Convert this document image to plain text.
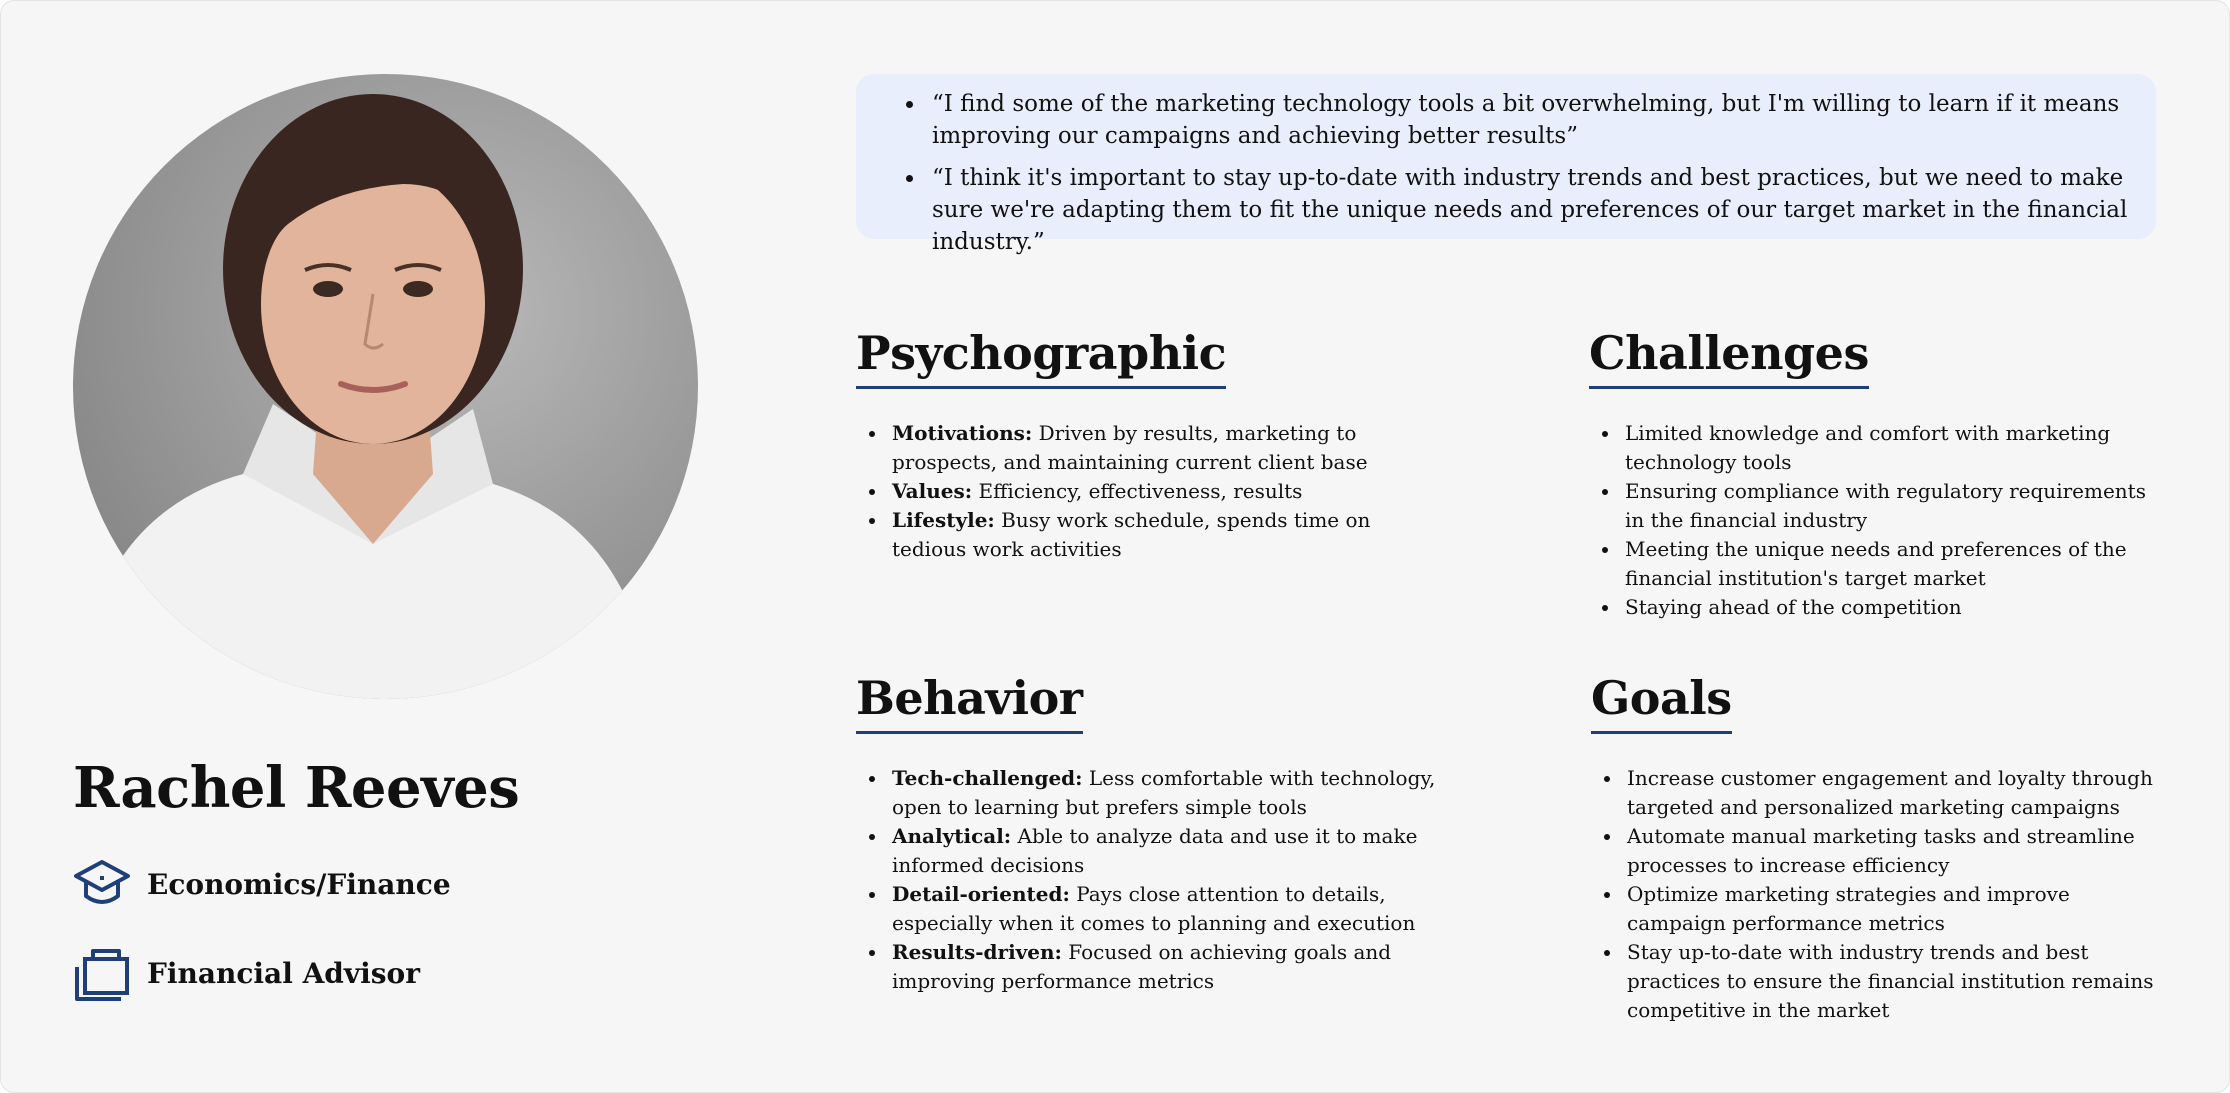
Rachel Reeves
Economics/Finance
Financial Advisor
• “I find some of the marketing technology tools a bit overwhelming, but I'm willing to learn if it means improving our campaigns and achieving better results”
• “I think it's important to stay up-to-date with industry trends and best practices, but we need to make sure we're adapting them to fit the unique needs and preferences of our target market in the financial industry.”
Psychographic
• Motivations: Driven by results, marketing to prospects, and maintaining current client base
• Values: Efficiency, effectiveness, results
• Lifestyle: Busy work schedule, spends time on tedious work activities
Challenges
• Limited knowledge and comfort with marketing technology tools
• Ensuring compliance with regulatory requirements in the financial industry
• Meeting the unique needs and preferences of the financial institution's target market
• Staying ahead of the competition
Behavior
• Tech-challenged: Less comfortable with technology, open to learning but prefers simple tools
• Analytical: Able to analyze data and use it to make informed decisions
• Detail-oriented: Pays close attention to details, especially when it comes to planning and execution
• Results-driven: Focused on achieving goals and improving performance metrics
Goals
• Increase customer engagement and loyalty through targeted and personalized marketing campaigns
• Automate manual marketing tasks and streamline processes to increase efficiency
• Optimize marketing strategies and improve campaign performance metrics
• Stay up-to-date with industry trends and best practices to ensure the financial institution remains competitive in the market
